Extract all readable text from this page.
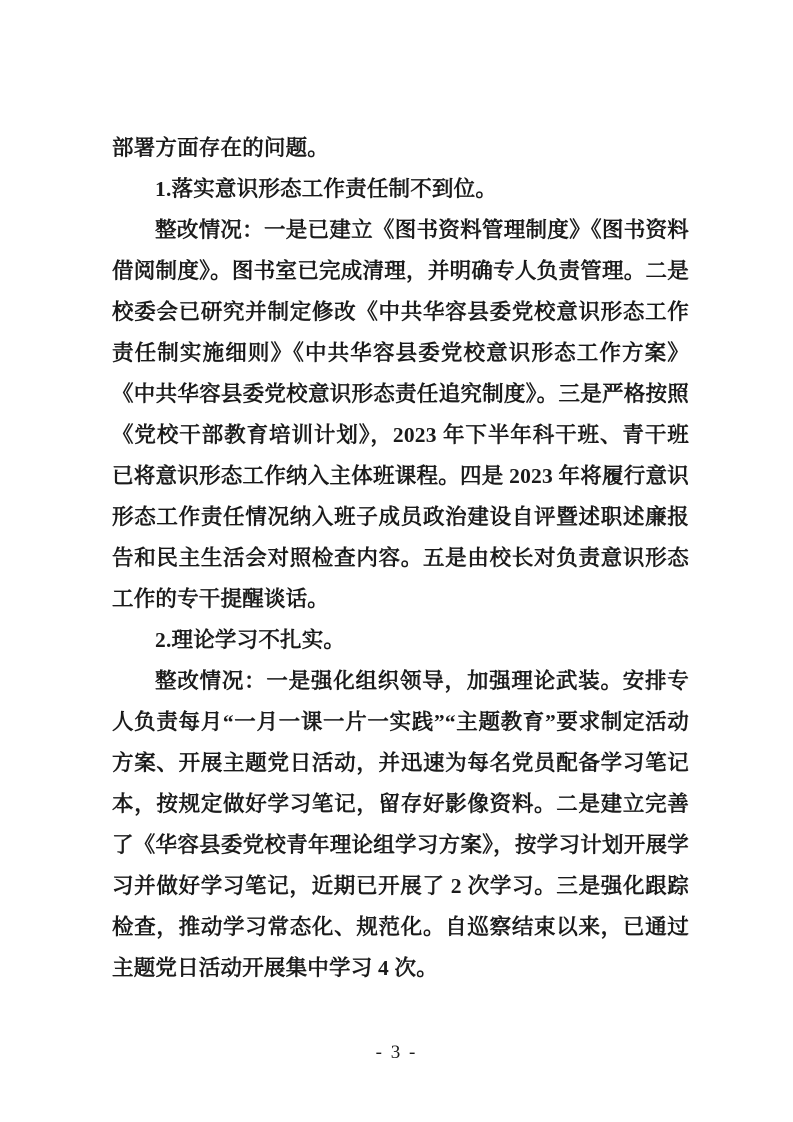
部署方面存在的问题。

1.落实意识形态工作责任制不到位。

整改情况：一是已建立《图书资料管理制度》《图书资料借阅制度》。图书室已完成清理，并明确专人负责管理。二是校委会已研究并制定修改《中共华容县委党校意识形态工作责任制实施细则》《中共华容县委党校意识形态工作方案》《中共华容县委党校意识形态责任追究制度》。三是严格按照《党校干部教育培训计划》，2023 年下半年科干班、青干班已将意识形态工作纳入主体班课程。四是 2023 年将履行意识形态工作责任情况纳入班子成员政治建设自评暨述职述廉报告和民主生活会对照检查内容。五是由校长对负责意识形态工作的专干提醒谈话。

2.理论学习不扎实。

整改情况：一是强化组织领导，加强理论武装。安排专人负责每月“一月一课一片一实践”“主题教育”要求制定活动方案、开展主题党日活动，并迅速为每名党员配备学习笔记本，按规定做好学习笔记，留存好影像资料。二是建立完善了《华容县委党校青年理论组学习方案》，按学习计划开展学习并做好学习笔记，近期已开展了 2 次学习。三是强化跟踪检查，推动学习常态化、规范化。自巡察结束以来，已通过主题党日活动开展集中学习 4 次。

- 3 -
